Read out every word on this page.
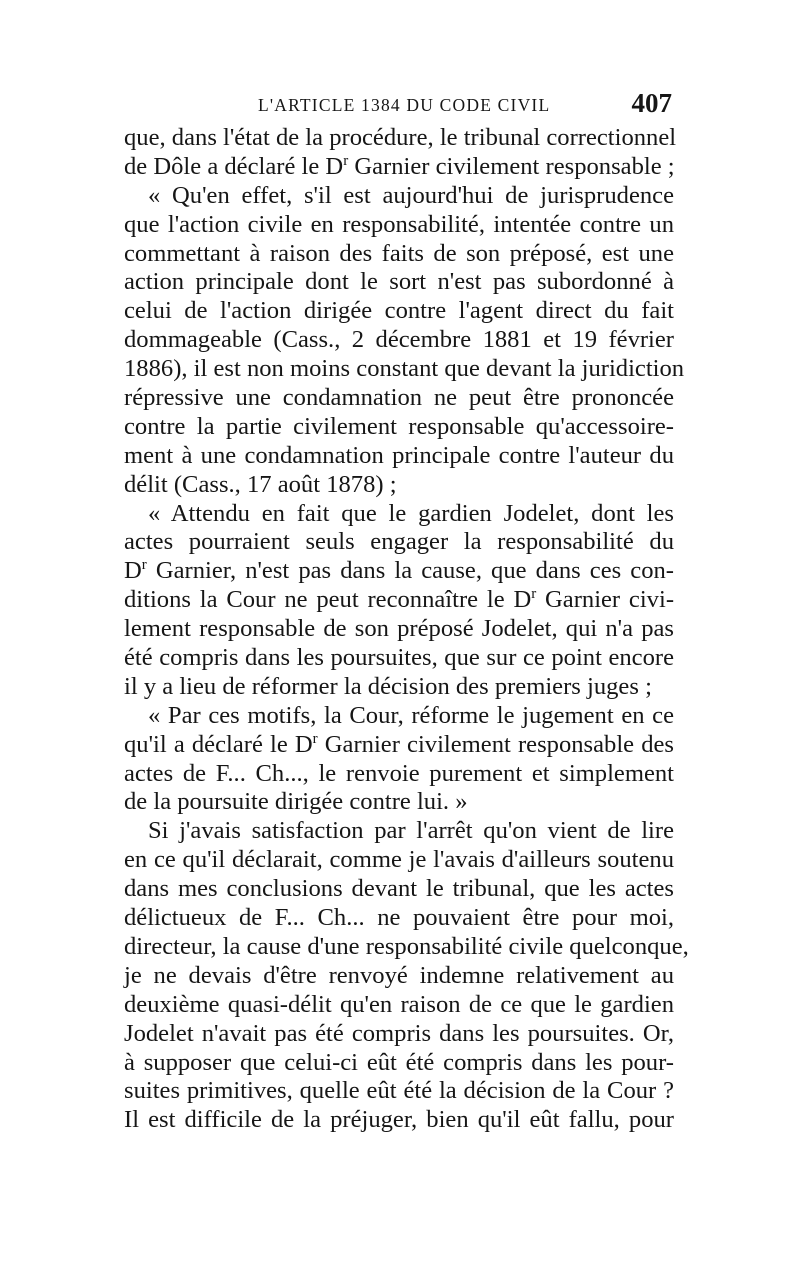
L'ARTICLE 1384 DU CODE CIVIL	407
que, dans l'état de la procédure, le tribunal correctionnel
de Dôle a déclaré le $D^r$ Garnier civilement responsable ;
« Qu'en effet, s'il est aujourd'hui de jurisprudence
que l'action civile en responsabilité, intentée contre un
commettant à raison des faits de son préposé, est une
action principale dont le sort n'est pas subordonné à
celui de l'action dirigée contre l'agent direct du fait
dommageable (Cass., 2 décembre 1881 et 19 février
1886), il est non moins constant que devant la juridiction
répressive une condamnation ne peut être prononcée
contre la partie civilement responsable qu'accessoire-
ment à une condamnation principale contre l'auteur du
délit (Cass., 17 août 1878) ;
« Attendu en fait que le gardien Jodelet, dont les
actes pourraient seuls engager la responsabilité du
$D^r$ Garnier, n'est pas dans la cause, que dans ces con-
ditions la Cour ne peut reconnaître le $D^r$ Garnier civi-
lement responsable de son préposé Jodelet, qui n'a pas
été compris dans les poursuites, que sur ce point encore
il y a lieu de réformer la décision des premiers juges ;
« Par ces motifs, la Cour, réforme le jugement en ce
qu'il a déclaré le $D^r$ Garnier civilement responsable des
actes de F... Ch..., le renvoie purement et simplement
de la poursuite dirigée contre lui. »
Si j'avais satisfaction par l'arrêt qu'on vient de lire
en ce qu'il déclarait, comme je l'avais d'ailleurs soutenu
dans mes conclusions devant le tribunal, que les actes
délictueux de F... Ch... ne pouvaient être pour moi,
directeur, la cause d'une responsabilité civile quelconque,
je ne devais d'être renvoyé indemne relativement au
deuxième quasi-délit qu'en raison de ce que le gardien
Jodelet n'avait pas été compris dans les poursuites. Or,
à supposer que celui-ci eût été compris dans les pour-
suites primitives, quelle eût été la décision de la Cour ?
Il est difficile de la préjuger, bien qu'il eût fallu, pour
